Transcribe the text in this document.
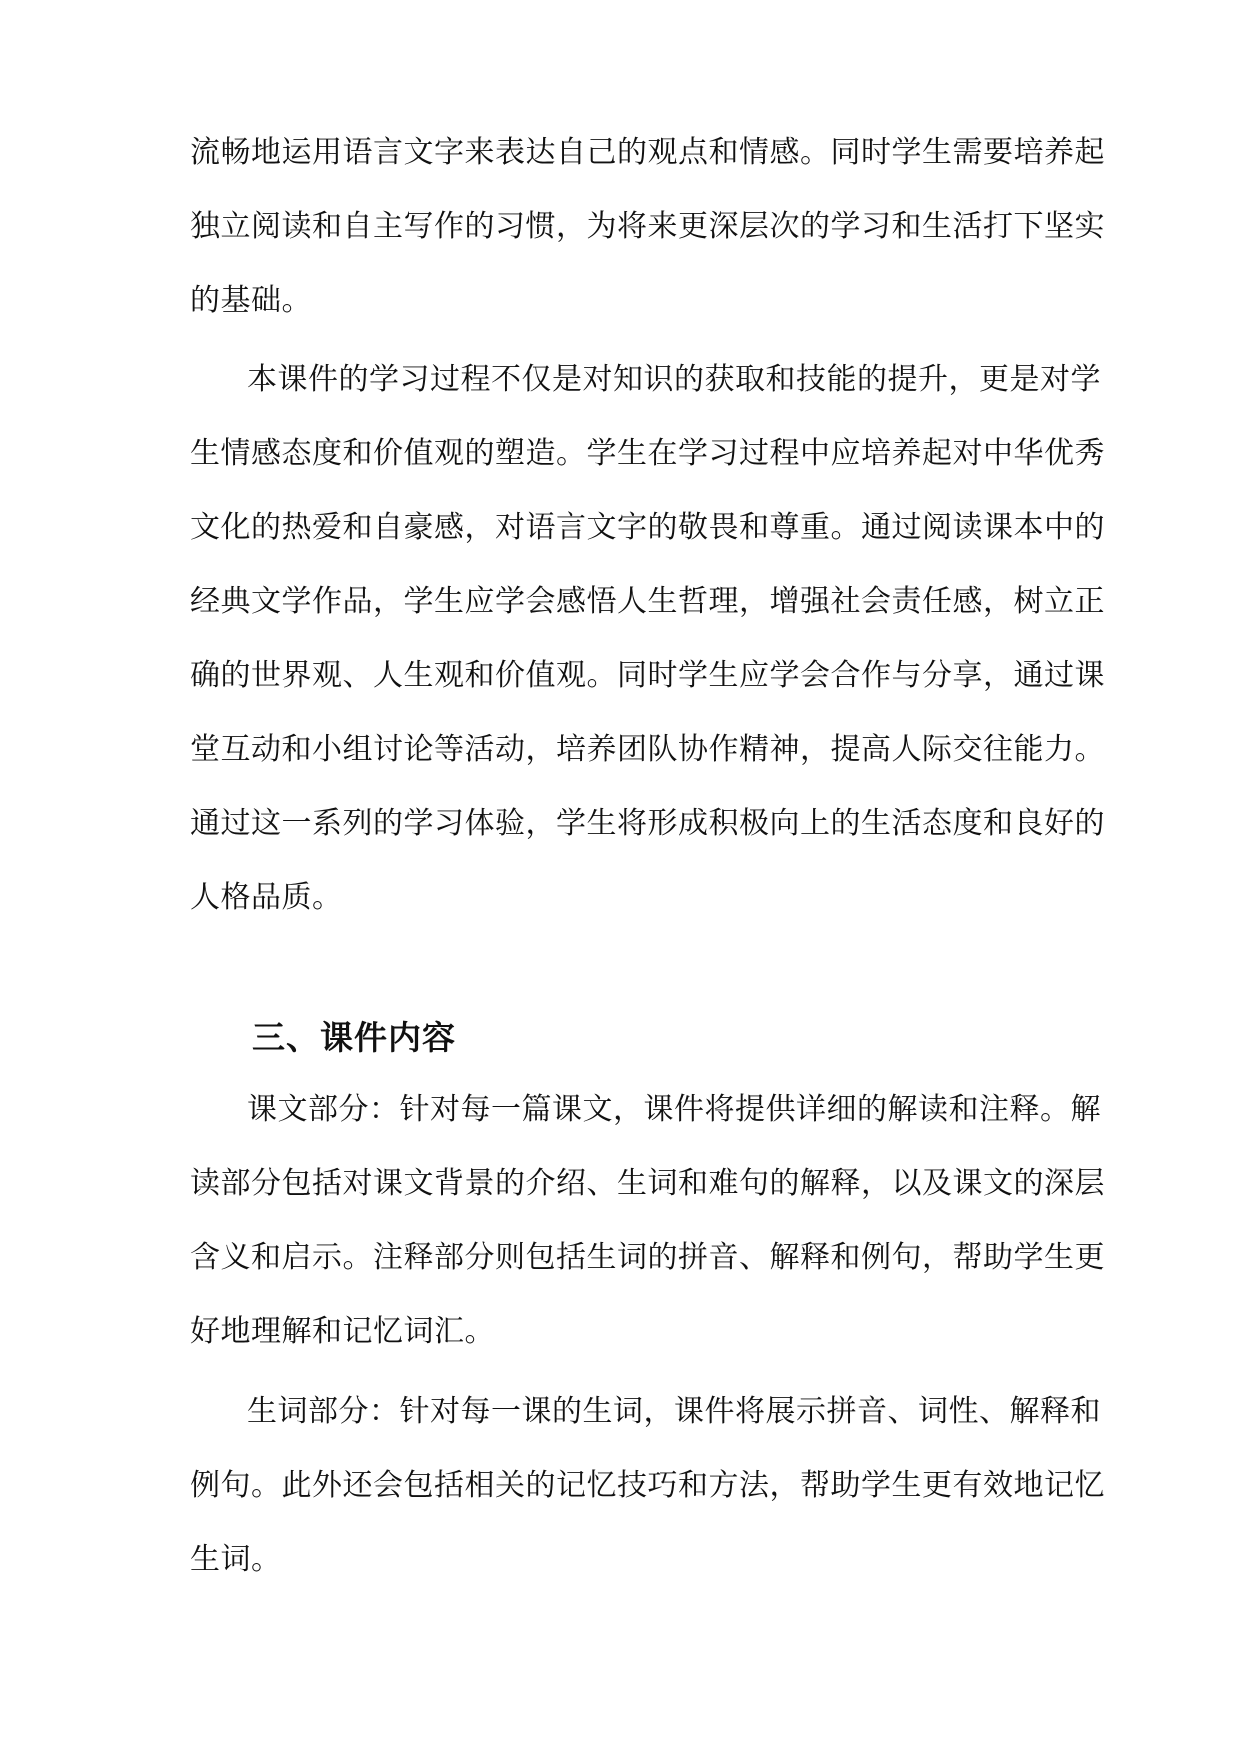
流畅地运用语言文字来表达自己的观点和情感。同时学生需要培养起
独立阅读和自主写作的习惯，为将来更深层次的学习和生活打下坚实
的基础。
本课件的学习过程不仅是对知识的获取和技能的提升，更是对学
生情感态度和价值观的塑造。学生在学习过程中应培养起对中华优秀
文化的热爱和自豪感，对语言文字的敬畏和尊重。通过阅读课本中的
经典文学作品，学生应学会感悟人生哲理，增强社会责任感，树立正
确的世界观、人生观和价值观。同时学生应学会合作与分享，通过课
堂互动和小组讨论等活动，培养团队协作精神，提高人际交往能力。
通过这一系列的学习体验，学生将形成积极向上的生活态度和良好的
人格品质。
三、课件内容
课文部分：针对每一篇课文，课件将提供详细的解读和注释。解
读部分包括对课文背景的介绍、生词和难句的解释，以及课文的深层
含义和启示。注释部分则包括生词的拼音、解释和例句，帮助学生更
好地理解和记忆词汇。
生词部分：针对每一课的生词，课件将展示拼音、词性、解释和
例句。此外还会包括相关的记忆技巧和方法，帮助学生更有效地记忆
生词。
